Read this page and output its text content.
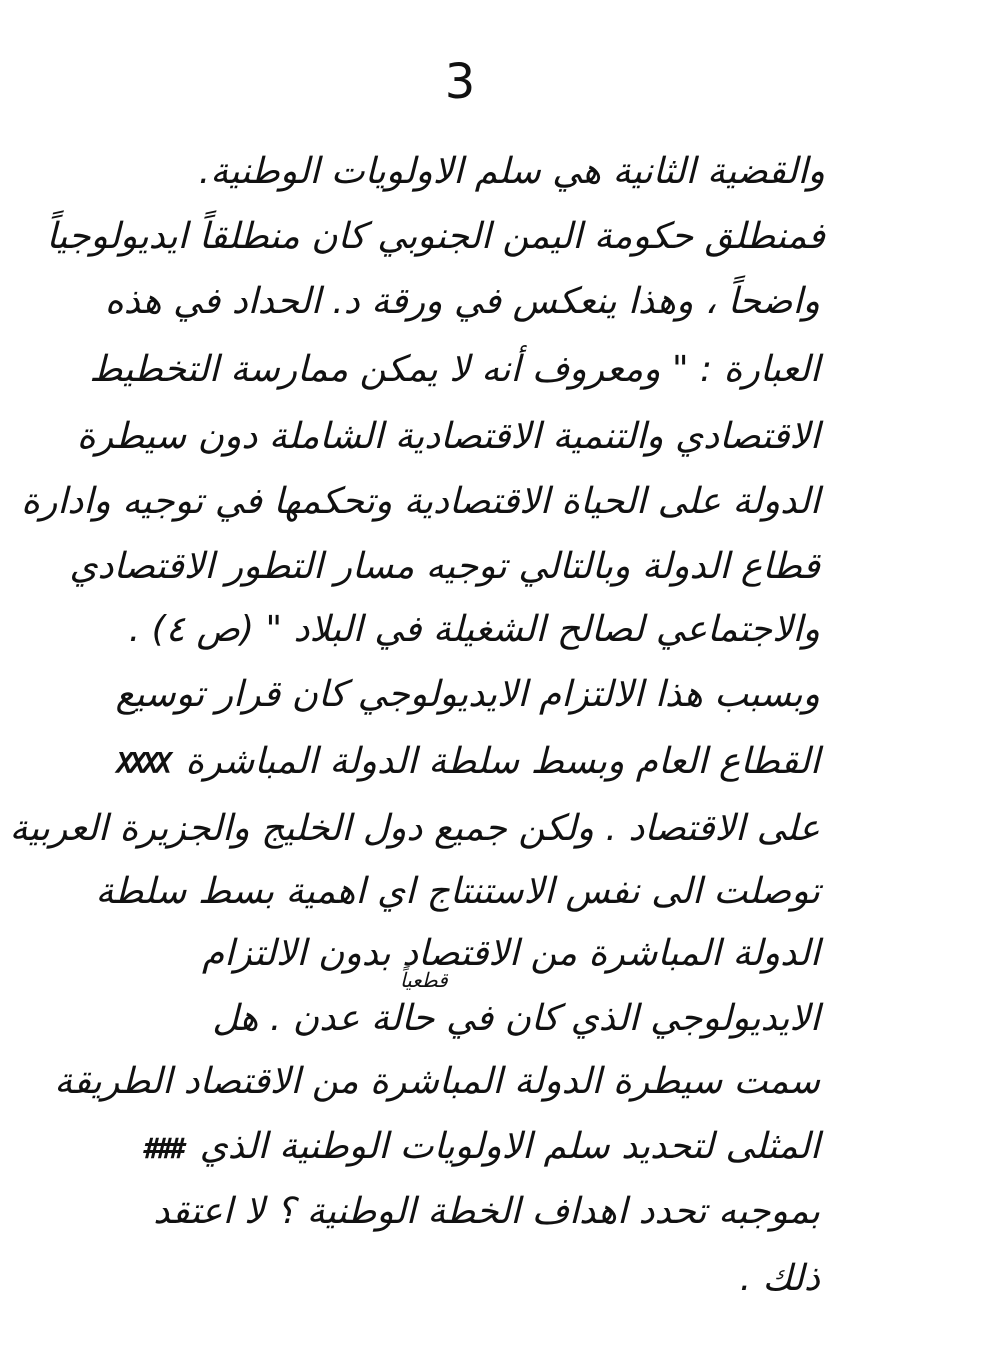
3
والقضية الثانية هي سلم الاولويات الوطنية.
فمنطلق حكومة اليمن الجنوبي كان منطلقاً ايديولوجياً
واضحاً ، وهذا ينعكس في ورقة د. الحداد في هذه
العبارة : " ومعروف أنه لا يمكن ممارسة التخطيط
الاقتصادي والتنمية الاقتصادية الشاملة دون سيطرة
الدولة على الحياة الاقتصادية وتحكمها في توجيه وادارة
قطاع الدولة وبالتالي توجيه مسار التطور الاقتصادي
والاجتماعي لصالح الشغيلة في البلاد " (ص ٤) .
وبسبب هذا الالتزام الايديولوجي كان قرار توسيع
القطاع العام وبسط سلطة الدولة المباشرة XXXX
على الاقتصاد . ولكن جميع دول الخليج والجزيرة العربية
توصلت الى نفس الاستنتاج اي اهمية بسط سلطة
الدولة المباشرة من الاقتصاد بدون الالتزام
قطعياً
الايديولوجي الذي كان في حالة عدن . هل
سمت سيطرة الدولة المباشرة من الاقتصاد الطريقة
المثلى لتحديد سلم الاولويات الوطنية الذي ###
بموجبه تحدد اهداف الخطة الوطنية ؟ لا اعتقد
ذلك .
